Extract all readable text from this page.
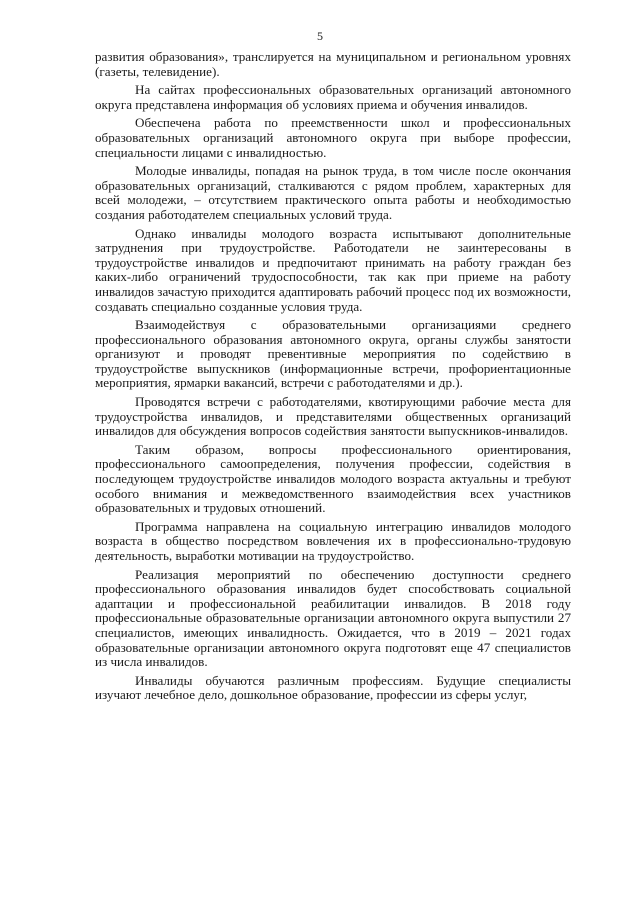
5

развития образования», транслируется на муниципальном и региональном уровнях (газеты, телевидение).

На сайтах профессиональных образовательных организаций автономного округа представлена информация об условиях приема и обучения инвалидов.

Обеспечена работа по преемственности школ и профессиональных образовательных организаций автономного округа при выборе профессии, специальности лицами с инвалидностью.

Молодые инвалиды, попадая на рынок труда, в том числе после окончания образовательных организаций, сталкиваются с рядом проблем, характерных для всей молодежи, – отсутствием практического опыта работы и необходимостью создания работодателем специальных условий труда.

Однако инвалиды молодого возраста испытывают дополнительные затруднения при трудоустройстве. Работодатели не заинтересованы в трудоустройстве инвалидов и предпочитают принимать на работу граждан без каких-либо ограничений трудоспособности, так как при приеме на работу инвалидов зачастую приходится адаптировать рабочий процесс под их возможности, создавать специально созданные условия труда.

Взаимодействуя с образовательными организациями среднего профессионального образования автономного округа, органы службы занятости организуют и проводят превентивные мероприятия по содействию в трудоустройстве выпускников (информационные встречи, профориентационные мероприятия, ярмарки вакансий, встречи с работодателями и др.).

Проводятся встречи с работодателями, квотирующими рабочие места для трудоустройства инвалидов, и представителями общественных организаций инвалидов для обсуждения вопросов содействия занятости выпускников-инвалидов.

Таким образом, вопросы профессионального ориентирования, профессионального самоопределения, получения профессии, содействия в последующем трудоустройстве инвалидов молодого возраста актуальны и требуют особого внимания и межведомственного взаимодействия всех участников образовательных и трудовых отношений.

Программа направлена на социальную интеграцию инвалидов молодого возраста в общество посредством вовлечения их в профессионально-трудовую деятельность, выработки мотивации на трудоустройство.

Реализация мероприятий по обеспечению доступности среднего профессионального образования инвалидов будет способствовать социальной адаптации и профессиональной реабилитации инвалидов. В 2018 году профессиональные образовательные организации автономного округа выпустили 27 специалистов, имеющих инвалидность. Ожидается, что в 2019 – 2021 годах образовательные организации автономного округа подготовят еще 47 специалистов из числа инвалидов.

Инвалиды обучаются различным профессиям. Будущие специалисты изучают лечебное дело, дошкольное образование, профессии из сферы услуг,
